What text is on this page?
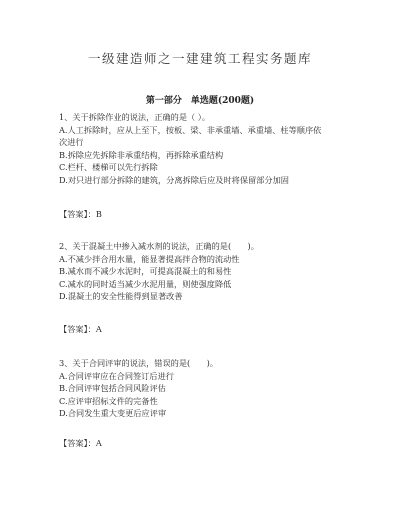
一级建造师之一建建筑工程实务题库
第一部分　单选题(200题)
1、关于拆除作业的说法，正确的是（ ）。
A.人工拆除时，应从上至下，按板、梁、非承重墙、承重墙、柱等顺序依次进行
B.拆除应先拆除非承重结构，再拆除承重结构
C.栏杆、楼梯可以先行拆除
D.对只进行部分拆除的建筑，分离拆除后应及时将保留部分加固
【答案】：B
2、关于混凝土中掺入减水剂的说法，正确的是(　　)。
A.不减少拌合用水量，能显著提高拌合物的流动性
B.减水而不减少水泥时，可提高混凝土的和易性
C.减水的同时适当减少水泥用量，则使强度降低
D.混凝土的安全性能得到显著改善
【答案】：A
3、关于合同评审的说法，错误的是(　　)。
A.合同评审应在合同签订后进行
B.合同评审包括合同风险评估
C.应评审招标文件的完备性
D.合同发生重大变更后应评审
【答案】：A
